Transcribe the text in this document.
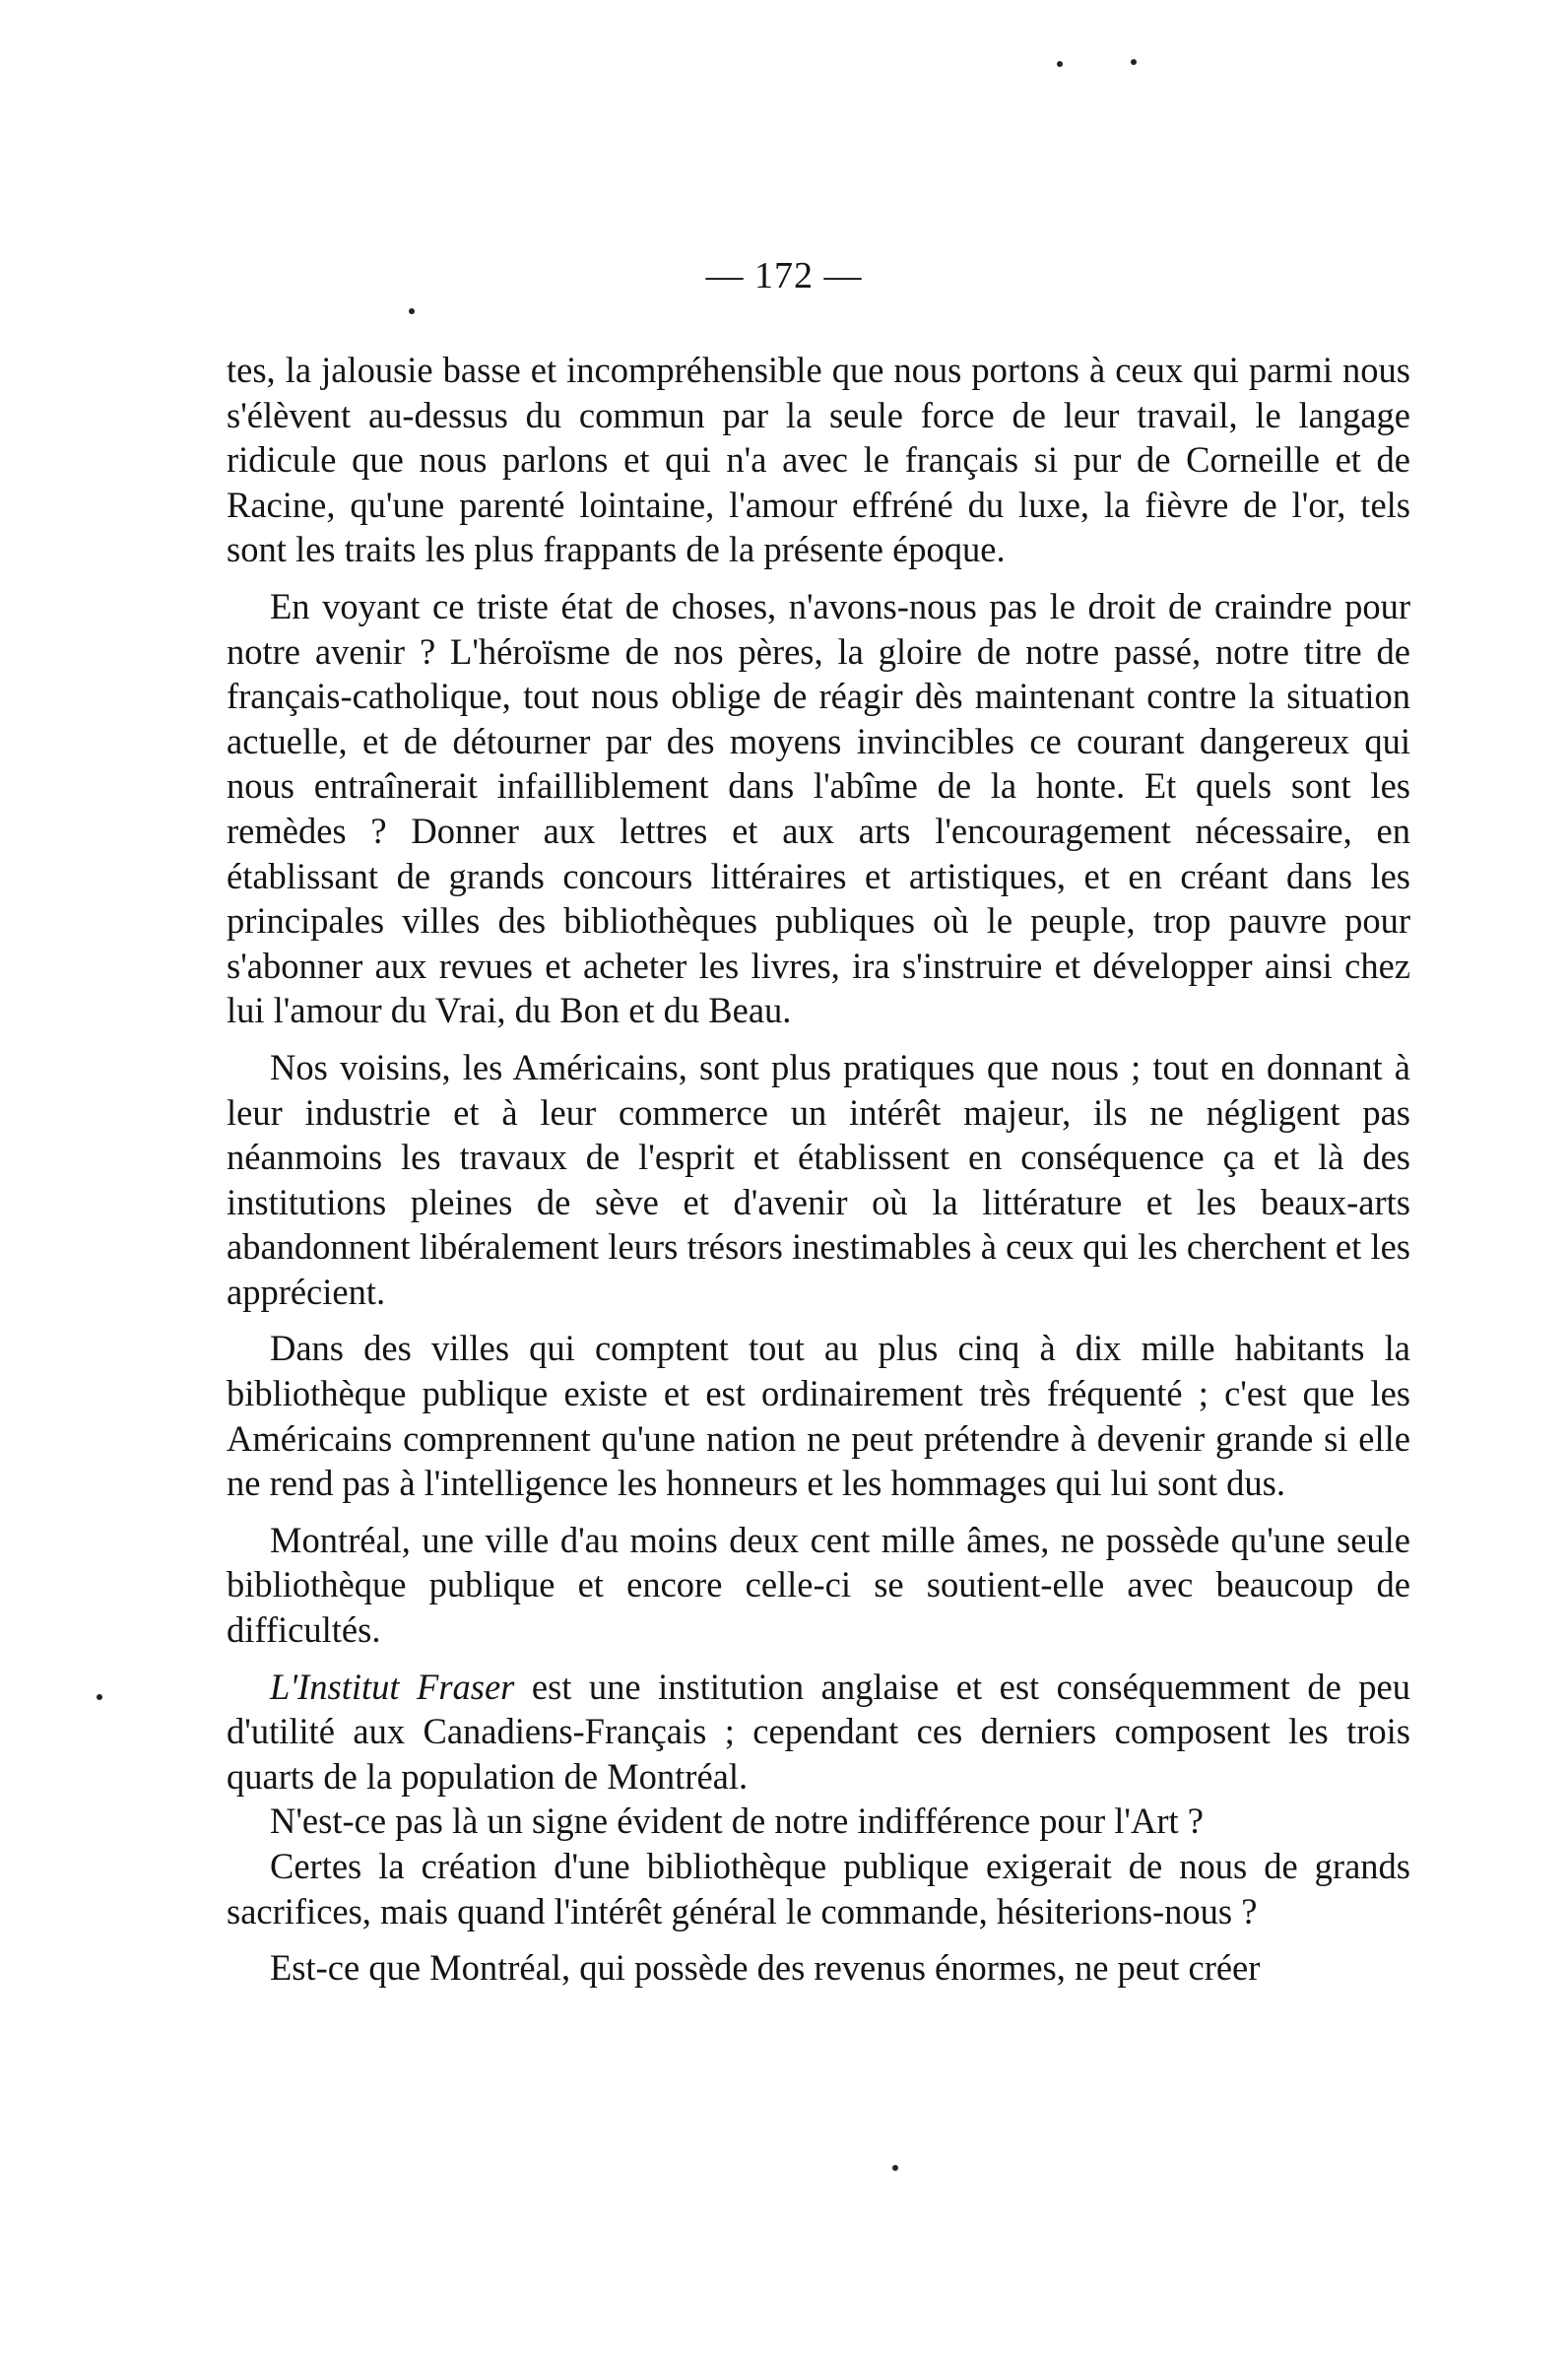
— 172 —

tes, la jalousie basse et incompréhensible que nous portons à ceux qui parmi nous s'élèvent au-dessus du commun par la seule force de leur travail, le langage ridicule que nous parlons et qui n'a avec le français si pur de Corneille et de Racine, qu'une parenté lointaine, l'amour effréné du luxe, la fièvre de l'or, tels sont les traits les plus frappants de la présente époque.

En voyant ce triste état de choses, n'avons-nous pas le droit de craindre pour notre avenir ? L'héroïsme de nos pères, la gloire de notre passé, notre titre de français-catholique, tout nous oblige de réagir dès maintenant contre la situation actuelle, et de détourner par des moyens invincibles ce courant dangereux qui nous entraînerait infailliblement dans l'abîme de la honte. Et quels sont les remèdes ? Donner aux lettres et aux arts l'encouragement nécessaire, en établissant de grands concours littéraires et artistiques, et en créant dans les principales villes des bibliothèques publiques où le peuple, trop pauvre pour s'abonner aux revues et acheter les livres, ira s'instruire et développer ainsi chez lui l'amour du Vrai, du Bon et du Beau.

Nos voisins, les Américains, sont plus pratiques que nous ; tout en donnant à leur industrie et à leur commerce un intérêt majeur, ils ne négligent pas néanmoins les travaux de l'esprit et établissent en conséquence ça et là des institutions pleines de sève et d'avenir où la littérature et les beaux-arts abandonnent libéralement leurs trésors inestimables à ceux qui les cherchent et les apprécient.

Dans des villes qui comptent tout au plus cinq à dix mille habitants la bibliothèque publique existe et est ordinairement très fréquenté ; c'est que les Américains comprennent qu'une nation ne peut prétendre à devenir grande si elle ne rend pas à l'intelligence les honneurs et les hommages qui lui sont dus.

Montréal, une ville d'au moins deux cent mille âmes, ne possède qu'une seule bibliothèque publique et encore celle-ci se soutient-elle avec beaucoup de difficultés.

L'Institut Fraser est une institution anglaise et est conséquemment de peu d'utilité aux Canadiens-Français ; cependant ces derniers composent les trois quarts de la population de Montréal.

N'est-ce pas là un signe évident de notre indifférence pour l'Art ?

Certes la création d'une bibliothèque publique exigerait de nous de grands sacrifices, mais quand l'intérêt général le commande, hésiterions-nous ?

Est-ce que Montréal, qui possède des revenus énormes, ne peut créer
